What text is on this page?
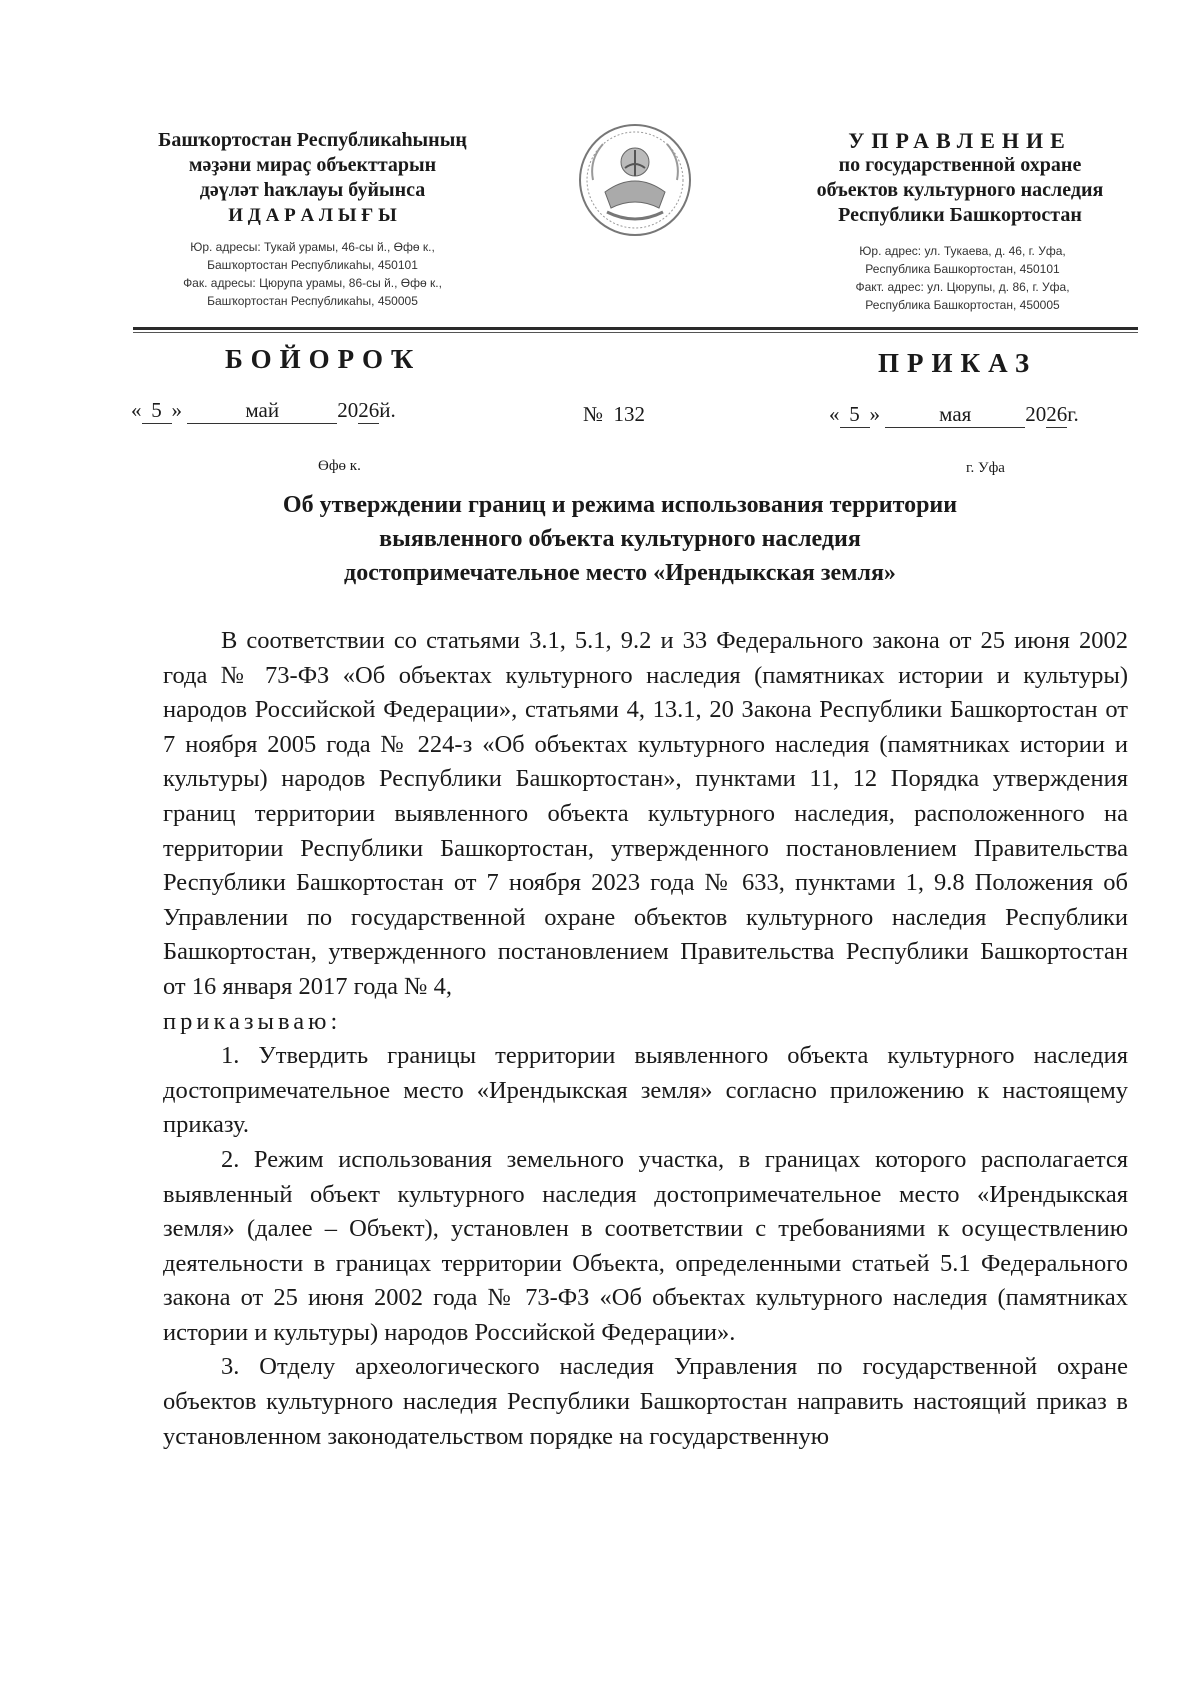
Башҡортостан Республикаһының
мәҙәни мираҫ объекттарын
дәүләт һаҡлауы буйынса
И Д А Р А Л Ы Ғ Ы
Юр. адресы: Тукай урамы, 46-сы й., Өфө к.,
Башҡортостан Республикаһы, 450101
Фак. адресы: Цюрупа урамы, 86-сы й., Өфө к.,
Башҡортостан Республикаһы, 450005
УПРАВЛЕНИЕ
по государственной охране
объектов культурного наследия
Республики Башкортостан
Юр. адрес: ул. Тукаева, д. 46, г. Уфа,
Республика Башкортостан, 450101
Факт. адрес: ул. Цюрупы, д. 86, г. Уфа,
Республика Башкортостан, 450005
БОЙОРОҠ	ПРИКАЗ
« 5 »	май	2026й.	№ 132	« 5 »	мая	2026г.
Өфө к.	г. Уфа
Об утверждении границ и режима использования территории
выявленного объекта культурного наследия
достопримечательное место «Ирендыкская земля»

В соответствии со статьями 3.1, 5.1, 9.2 и 33 Федерального закона от 25 июня 2002 года № 73-ФЗ «Об объектах культурного наследия (памятниках истории и культуры) народов Российской Федерации», статьями 4, 13.1, 20 Закона Республики Башкортостан от 7 ноября 2005 года № 224-з «Об объектах культурного наследия (памятниках истории и культуры) народов Республики Башкортостан», пунктами 11, 12 Порядка утверждения границ территории выявленного объекта культурного наследия, расположенного на территории Республики Башкортостан, утвержденного постановлением Правительства Республики Башкортостан от 7 ноября 2023 года № 633, пунктами 1, 9.8 Положения об Управлении по государственной охране объектов культурного наследия Республики Башкортостан, утвержденного постановлением Правительства Республики Башкортостан от 16 января 2017 года № 4,

приказываю:

1. Утвердить границы территории выявленного объекта культурного наследия достопримечательное место «Ирендыкская земля» согласно приложению к настоящему приказу.

2. Режим использования земельного участка, в границах которого располагается выявленный объект культурного наследия достопримечательное место «Ирендыкская земля» (далее – Объект), установлен в соответствии с требованиями к осуществлению деятельности в границах территории Объекта, определенными статьей 5.1 Федерального закона от 25 июня 2002 года № 73-ФЗ «Об объектах культурного наследия (памятниках истории и культуры) народов Российской Федерации».

3. Отделу археологического наследия Управления по государственной охране объектов культурного наследия Республики Башкортостан направить настоящий приказ в установленном законодательством порядке на государственную
